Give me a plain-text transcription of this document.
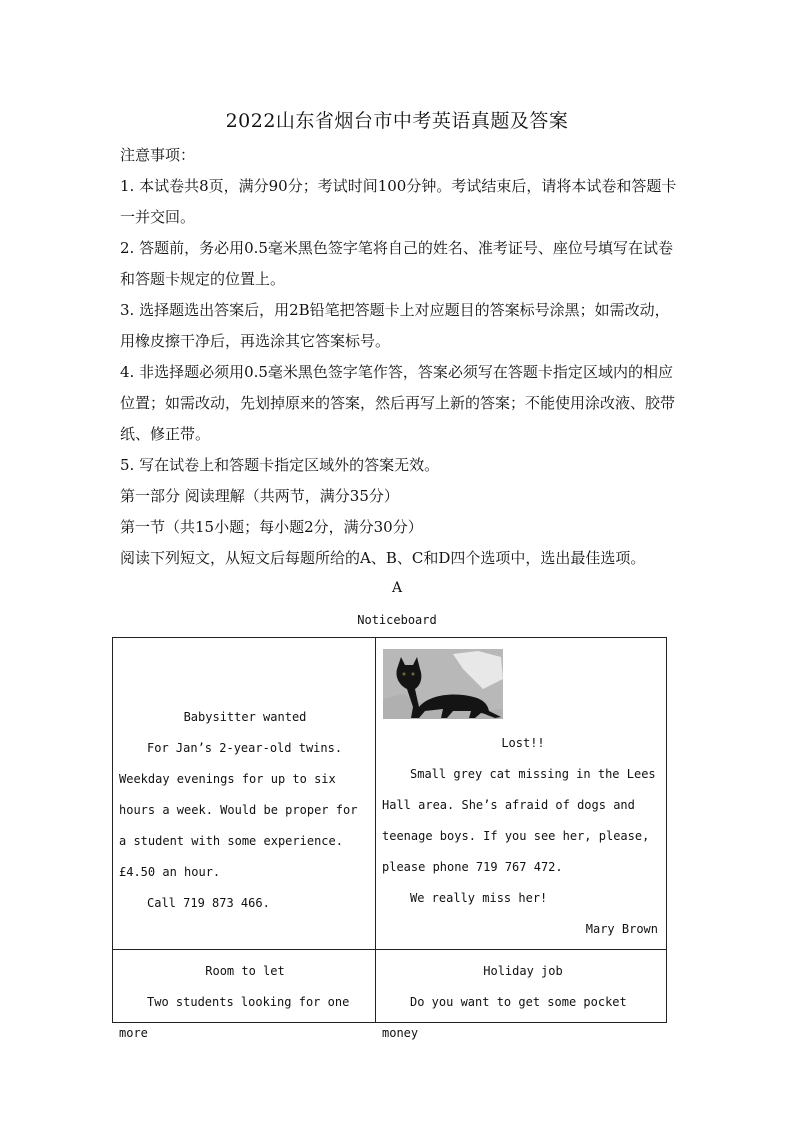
2022山东省烟台市中考英语真题及答案

注意事项：

1. 本试卷共8页，满分90分；考试时间100分钟。考试结束后，请将本试卷和答题卡一并交回。

2. 答题前，务必用0.5毫米黑色签字笔将自己的姓名、准考证号、座位号填写在试卷和答题卡规定的位置上。

3. 选择题选出答案后，用2B铅笔把答题卡上对应题目的答案标号涂黑；如需改动，用橡皮擦干净后，再选涂其它答案标号。

4. 非选择题必须用0.5毫米黑色签字笔作答，答案必须写在答题卡指定区域内的相应位置；如需改动，先划掉原来的答案，然后再写上新的答案；不能使用涂改液、胶带纸、修正带。

5. 写在试卷上和答题卡指定区域外的答案无效。

第一部分 阅读理解（共两节，满分35分）

第一节（共15小题；每小题2分，满分30分）

阅读下列短文，从短文后每题所给的A、B、C和D四个选项中，选出最佳选项。

A
Noticeboard

Babysitter wanted

For Jan’s 2-year-old twins. Weekday evenings for up to six hours a week. Would be proper for a student with some experience. £4.50 an hour.

Call 719 873 466.

Lost!!

Small grey cat missing in the Lees Hall area. She’s afraid of dogs and teenage boys. If you see her, please, please phone 719 767 472.

We really miss her!

Mary Brown

Room to let

Two students looking for one more

Holiday job

Do you want to get some pocket money
